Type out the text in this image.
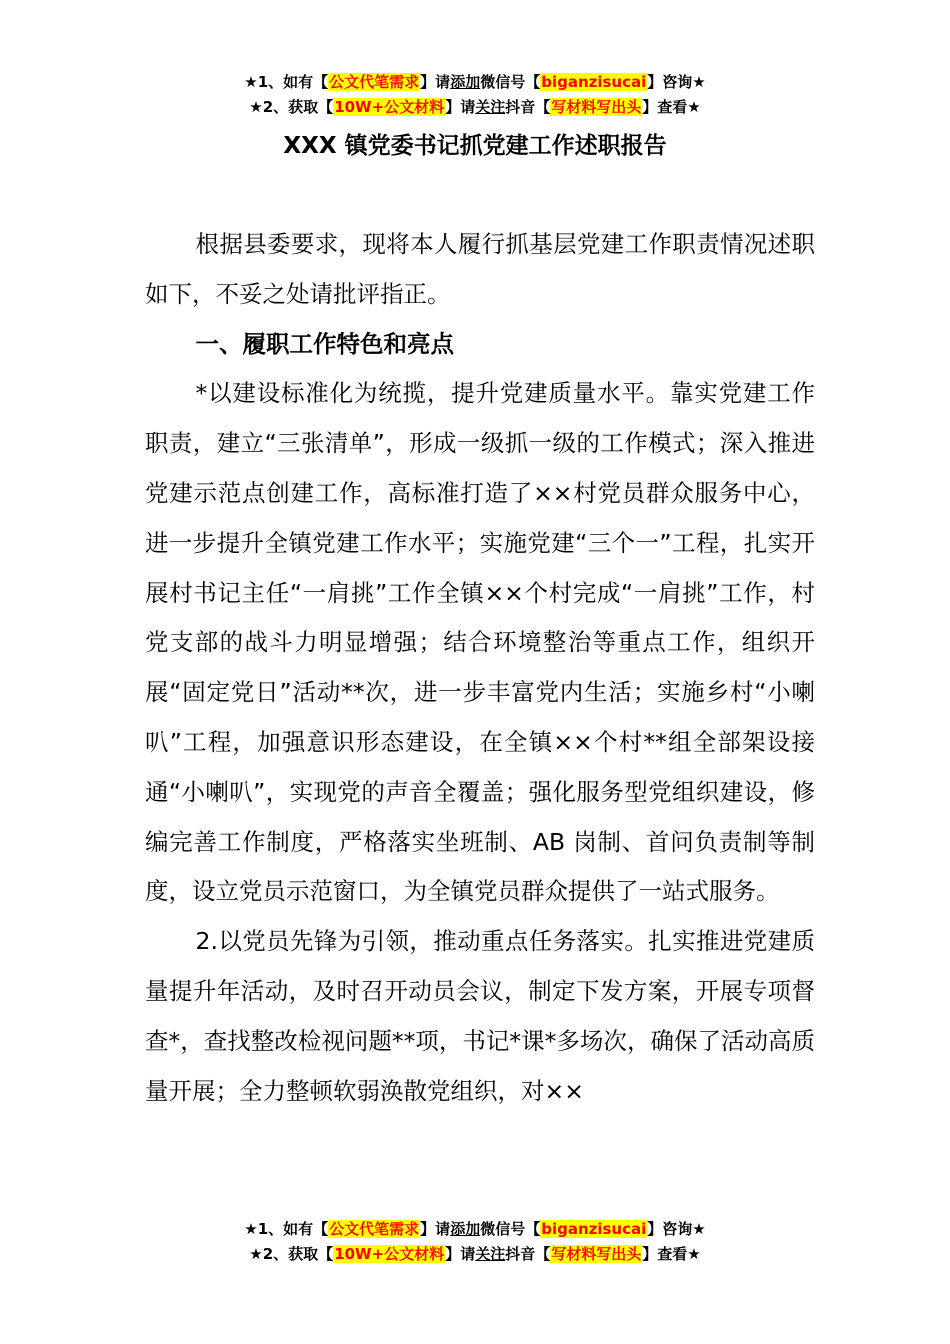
★1、如有【公文代笔需求】请添加微信号【biganzisucai】咨询★
★2、获取【10W+公文材料】请关注抖音【写材料写出头】查看★
XXX 镇党委书记抓党建工作述职报告

根据县委要求，现将本人履行抓基层党建工作职责情况述职如下，不妥之处请批评指正。

一、履职工作特色和亮点

*以建设标准化为统揽，提升党建质量水平。靠实党建工作职责，建立“三张清单”，形成一级抓一级的工作模式；深入推进党建示范点创建工作，高标准打造了××村党员群众服务中心，进一步提升全镇党建工作水平；实施党建“三个一”工程，扎实开展村书记主任“一肩挑”工作全镇××个村完成“一肩挑”工作，村党支部的战斗力明显增强；结合环境整治等重点工作，组织开展“固定党日”活动**次，进一步丰富党内生活；实施乡村“小喇叭”工程，加强意识形态建设，在全镇××个村**组全部架设接通“小喇叭”，实现党的声音全覆盖；强化服务型党组织建设，修编完善工作制度，严格落实坐班制、AB 岗制、首问负责制等制度，设立党员示范窗口，为全镇党员群众提供了一站式服务。

2.以党员先锋为引领，推动重点任务落实。扎实推进党建质量提升年活动，及时召开动员会议，制定下发方案，开展专项督查*，查找整改检视问题**项，书记*课*多场次，确保了活动高质量开展；全力整顿软弱涣散党组织，对××

★1、如有【公文代笔需求】请添加微信号【biganzisucai】咨询★
★2、获取【10W+公文材料】请关注抖音【写材料写出头】查看★
